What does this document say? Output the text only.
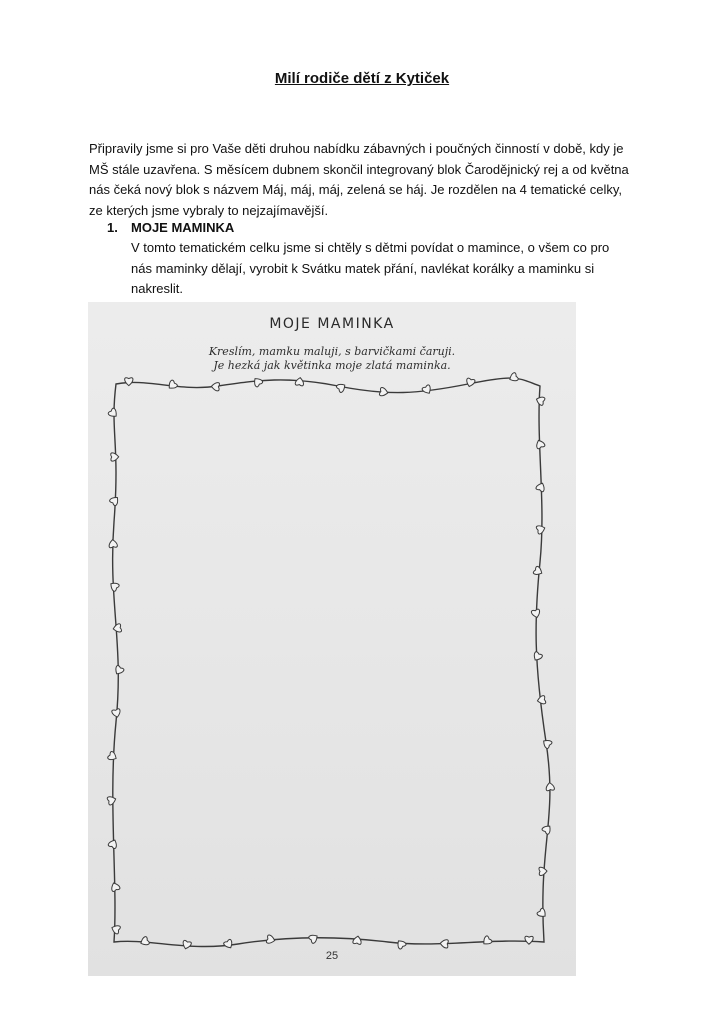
Milí rodiče dětí z Kytiček

Připravily jsme si pro Vaše děti druhou nabídku zábavných i poučných činností v době, kdy je
MŠ stále uzavřena. S měsícem dubnem skončil integrovaný blok Čarodějnický rej a od května
nás čeká nový blok s názvem Máj, máj, máj, zelená se háj. Je rozdělen na 4 tematické celky,
ze kterých jsme vybraly to nejzajímavější.

1. MOJE MAMINKA

V tomto tematickém celku jsme si chtěly s dětmi povídat o mamince, o všem co pro
nás maminky dělají, vyrobit k Svátku matek přání, navlékat korálky a maminku si
nakreslit.

MOJE MAMINKA
Kreslím, mamku maluji, s barvičkami čaruji.
Je hezká jak květinka moje zlatá maminka.
25
